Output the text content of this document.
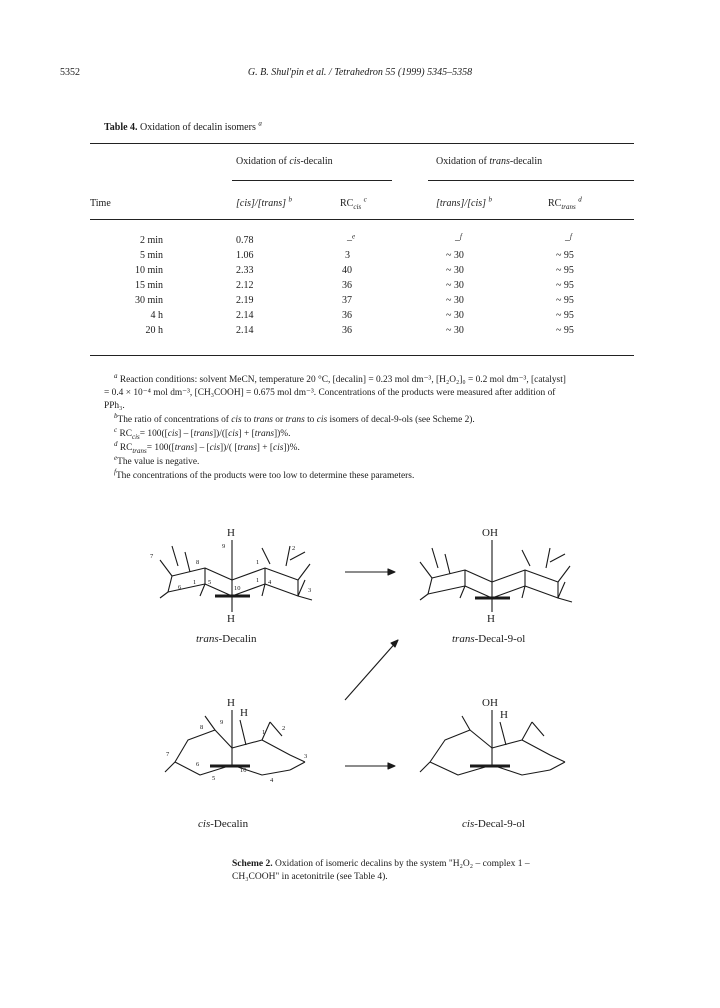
5352	G. B. Shul'pin et al. / Tetrahedron 55 (1999) 5345–5358
Table 4. Oxidation of decalin isomers $^a$
Oxidation of cis-decalin	Oxidation of trans-decalin
Time	[cis]/[trans] $^b$	$RC_{cis}$ $^c$	[trans]/[cis] $^b$	$RC_{trans}$ $^d$
2 min	0.78	–$^e$	–$^f$	–$^f$
5 min	1.06	3	~ 30	~ 95
10 min	2.33	40	~ 30	~ 95
15 min	2.12	36	~ 30	~ 95
30 min	2.19	37	~ 30	~ 95
4 h	2.14	36	~ 30	~ 95
20 h	2.14	36	~ 30	~ 95
$^a$ Reaction conditions: solvent MeCN, temperature 20 °C, [decalin] = 0.23 mol dm⁻³, [H₂O₂]₀ = 0.2 mol dm⁻³, [catalyst]
= 0.4 × 10⁻⁴ mol dm⁻³, [CH₃COOH] = 0.675 mol dm⁻³. Concentrations of the products were measured after addition of
PPh₃.
$^b$The ratio of concentrations of cis to trans or trans to cis isomers of decal-9-ols (see Scheme 2).
$^c$ $RC_{cis}= 100([cis]$ – [trans])/([cis] + [trans])%.
$^d$ $RC_{trans}=$ 100([trans] – [cis])/( [trans] + [cis])%.
$^e$The value is negative.
$^f$The concentrations of the products were too low to determine these parameters.
H
H
OH
H
H
H
OH
H
7
8
9
1
2
6
1 5
10
1 4
3
8
9
1
2
7
6
5
10
4
3
trans-Decalin	trans-Decal-9-ol
cis-Decalin	cis-Decal-9-ol
Scheme 2. Oxidation of isomeric decalins by the system "H₂O₂ – complex 1 – CH₃COOH" in acetonitrile (see Table 4).
